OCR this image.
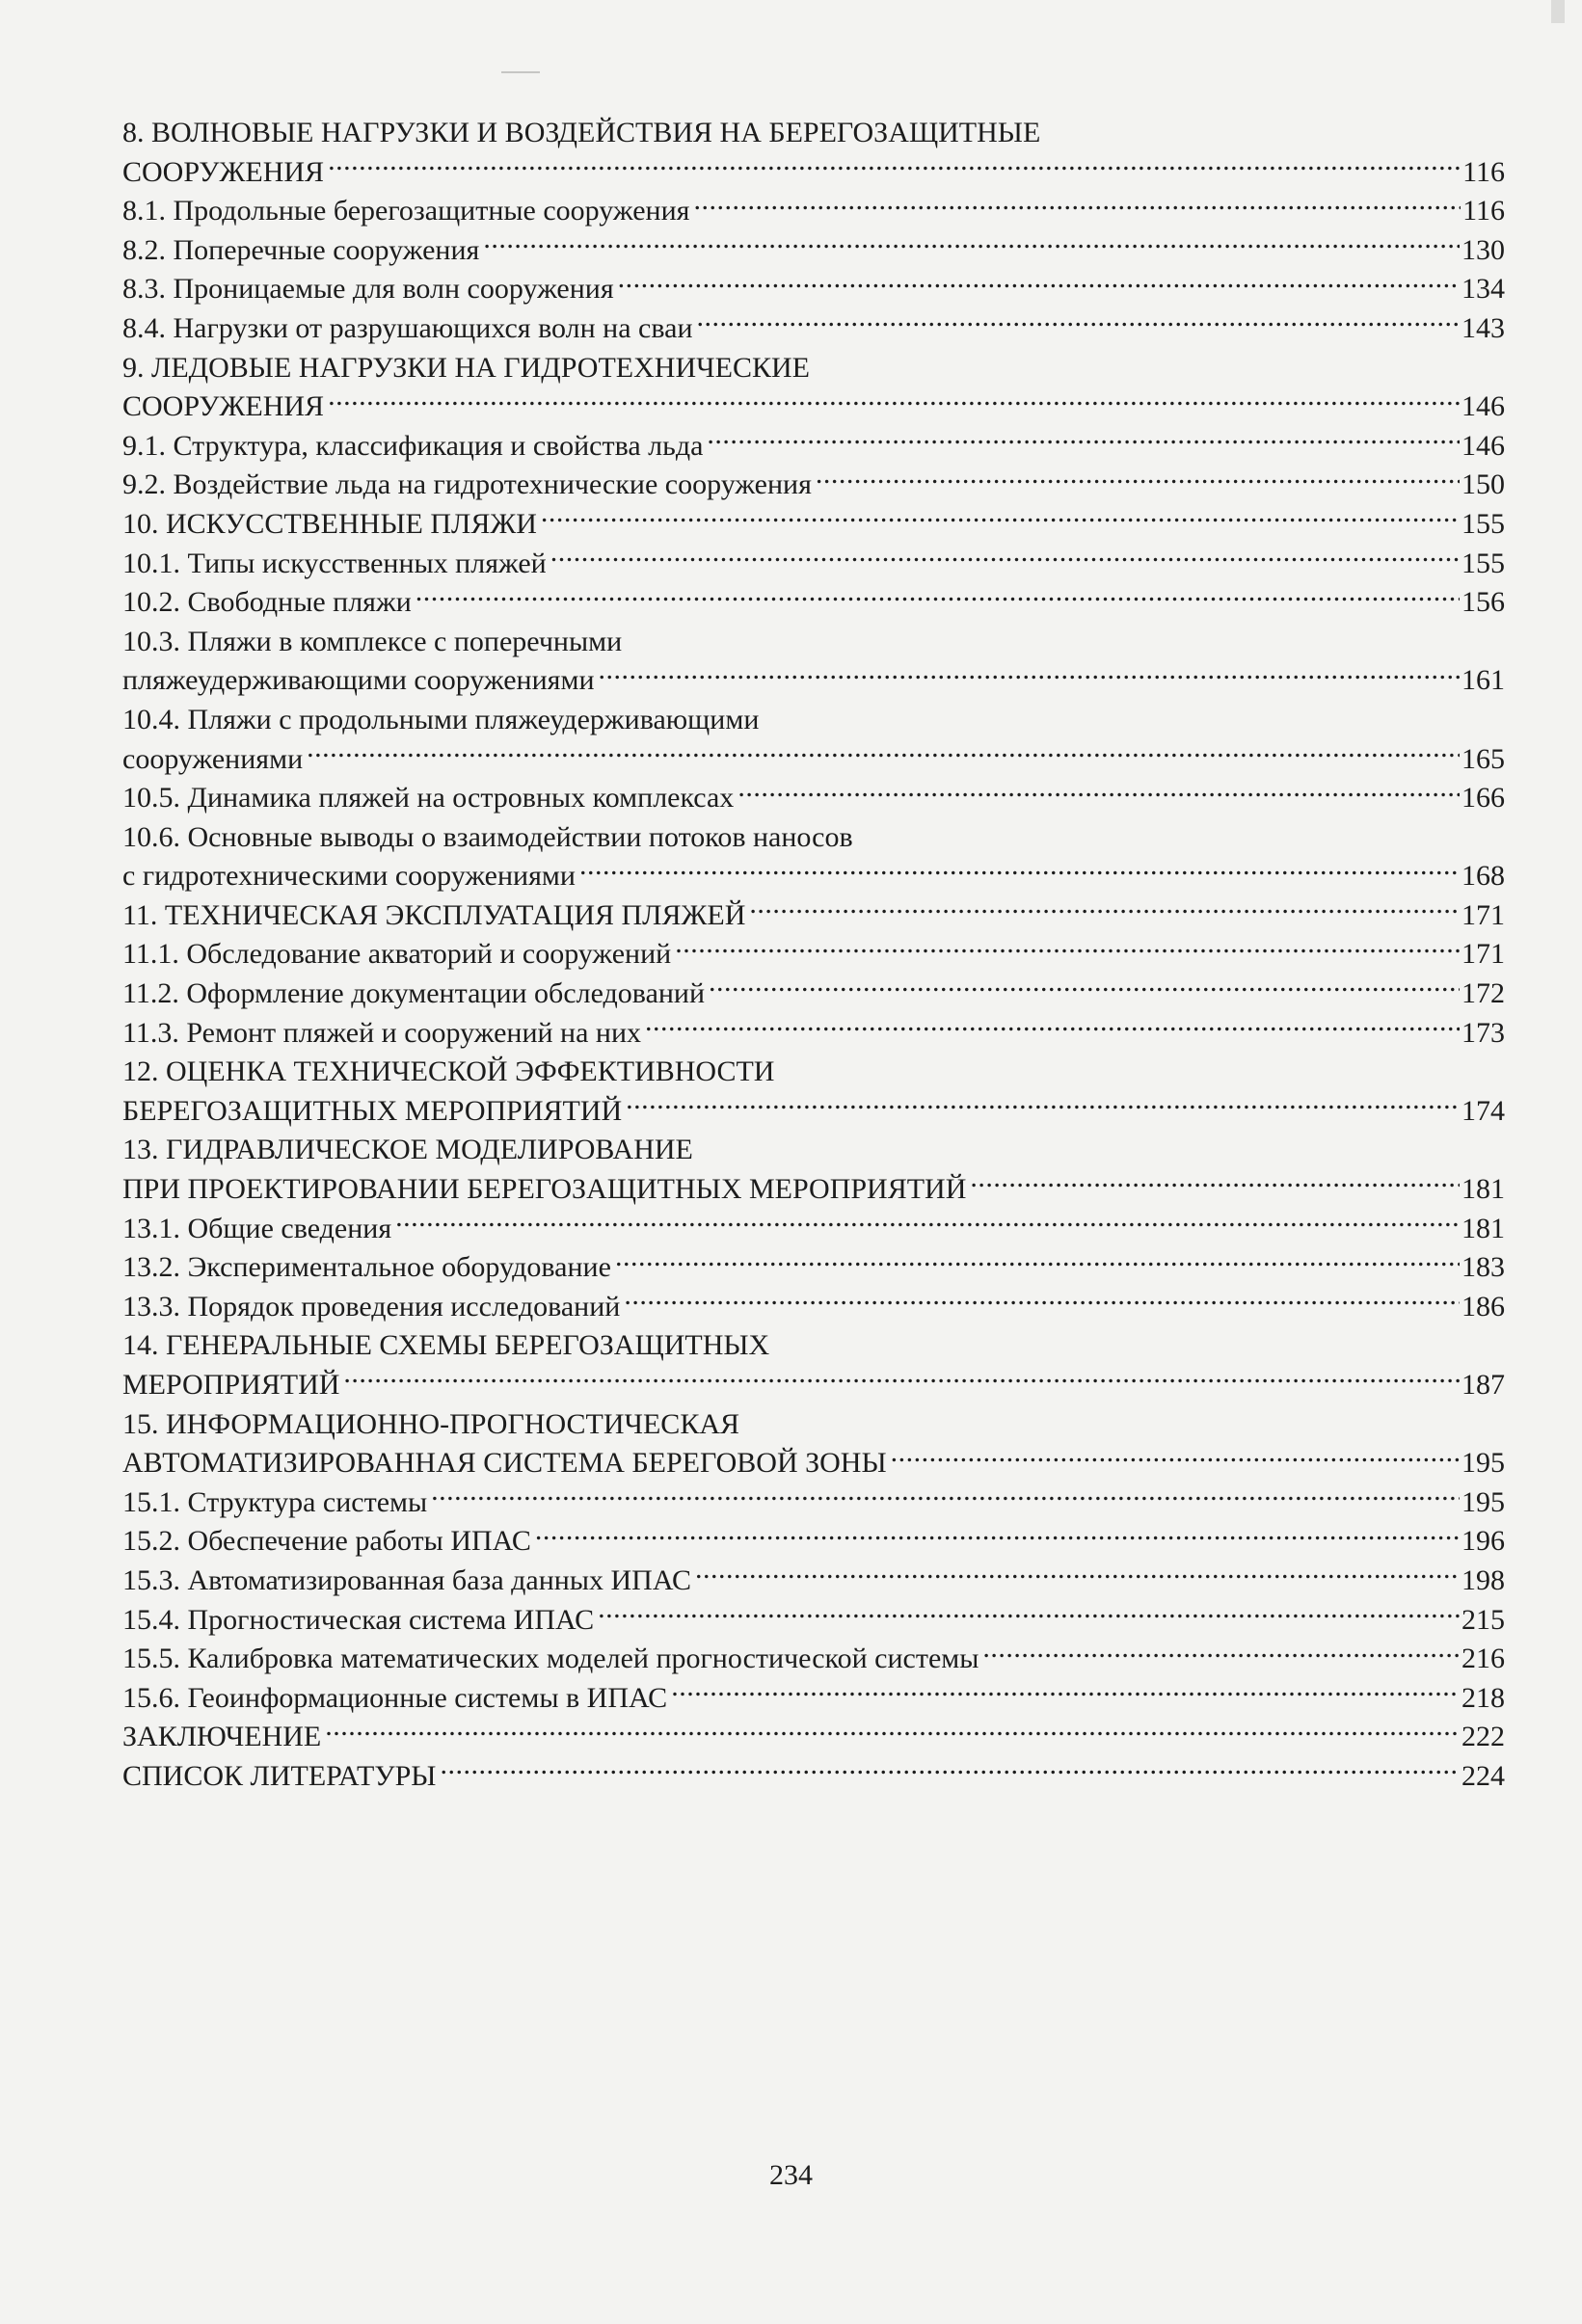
8. ВОЛНОВЫЕ НАГРУЗКИ И ВОЗДЕЙСТВИЯ НА БЕРЕГОЗАЩИТНЫЕ
СООРУЖЕНИЯ .....	116
8.1. Продольные берегозащитные сооружения .....	116
8.2. Поперечные сооружения .....	130
8.3. Проницаемые для волн сооружения .....	134
8.4. Нагрузки от разрушающихся волн на сваи .....	143
9. ЛЕДОВЫЕ НАГРУЗКИ НА ГИДРОТЕХНИЧЕСКИЕ
СООРУЖЕНИЯ .....	146
9.1. Структура, классификация и свойства льда .....	146
9.2. Воздействие льда на гидротехнические сооружения .....	150
10. ИСКУССТВЕННЫЕ ПЛЯЖИ .....	155
10.1. Типы искусственных пляжей .....	155
10.2. Свободные пляжи .....	156
10.3. Пляжи в комплексе с поперечными
пляжеудерживающими сооружениями .....	161
10.4. Пляжи с продольными пляжеудерживающими
сооружениями .....	165
10.5. Динамика пляжей на островных комплексах .....	166
10.6. Основные выводы о взаимодействии потоков наносов
с гидротехническими сооружениями .....	168
11. ТЕХНИЧЕСКАЯ ЭКСПЛУАТАЦИЯ ПЛЯЖЕЙ .....	171
11.1. Обследование акваторий и сооружений .....	171
11.2. Оформление документации обследований .....	172
11.3. Ремонт пляжей и сооружений на них .....	173
12. ОЦЕНКА ТЕХНИЧЕСКОЙ ЭФФЕКТИВНОСТИ
БЕРЕГОЗАЩИТНЫХ МЕРОПРИЯТИЙ .....	174
13. ГИДРАВЛИЧЕСКОЕ МОДЕЛИРОВАНИЕ
ПРИ ПРОЕКТИРОВАНИИ БЕРЕГОЗАЩИТНЫХ МЕРОПРИЯТИЙ .....	181
13.1. Общие сведения .....	181
13.2. Экспериментальное оборудование .....	183
13.3. Порядок проведения исследований .....	186
14. ГЕНЕРАЛЬНЫЕ СХЕМЫ БЕРЕГОЗАЩИТНЫХ
МЕРОПРИЯТИЙ .....	187
15. ИНФОРМАЦИОННО-ПРОГНОСТИЧЕСКАЯ
АВТОМАТИЗИРОВАННАЯ СИСТЕМА БЕРЕГОВОЙ ЗОНЫ .....	195
15.1. Структура системы .....	195
15.2. Обеспечение работы ИПАС .....	196
15.3. Автоматизированная база данных ИПАС .....	198
15.4. Прогностическая система ИПАС .....	215
15.5. Калибровка математических моделей прогностической системы .....	216
15.6. Геоинформационные системы в ИПАС .....	218
ЗАКЛЮЧЕНИЕ .....	222
СПИСОК ЛИТЕРАТУРЫ .....	224
234
